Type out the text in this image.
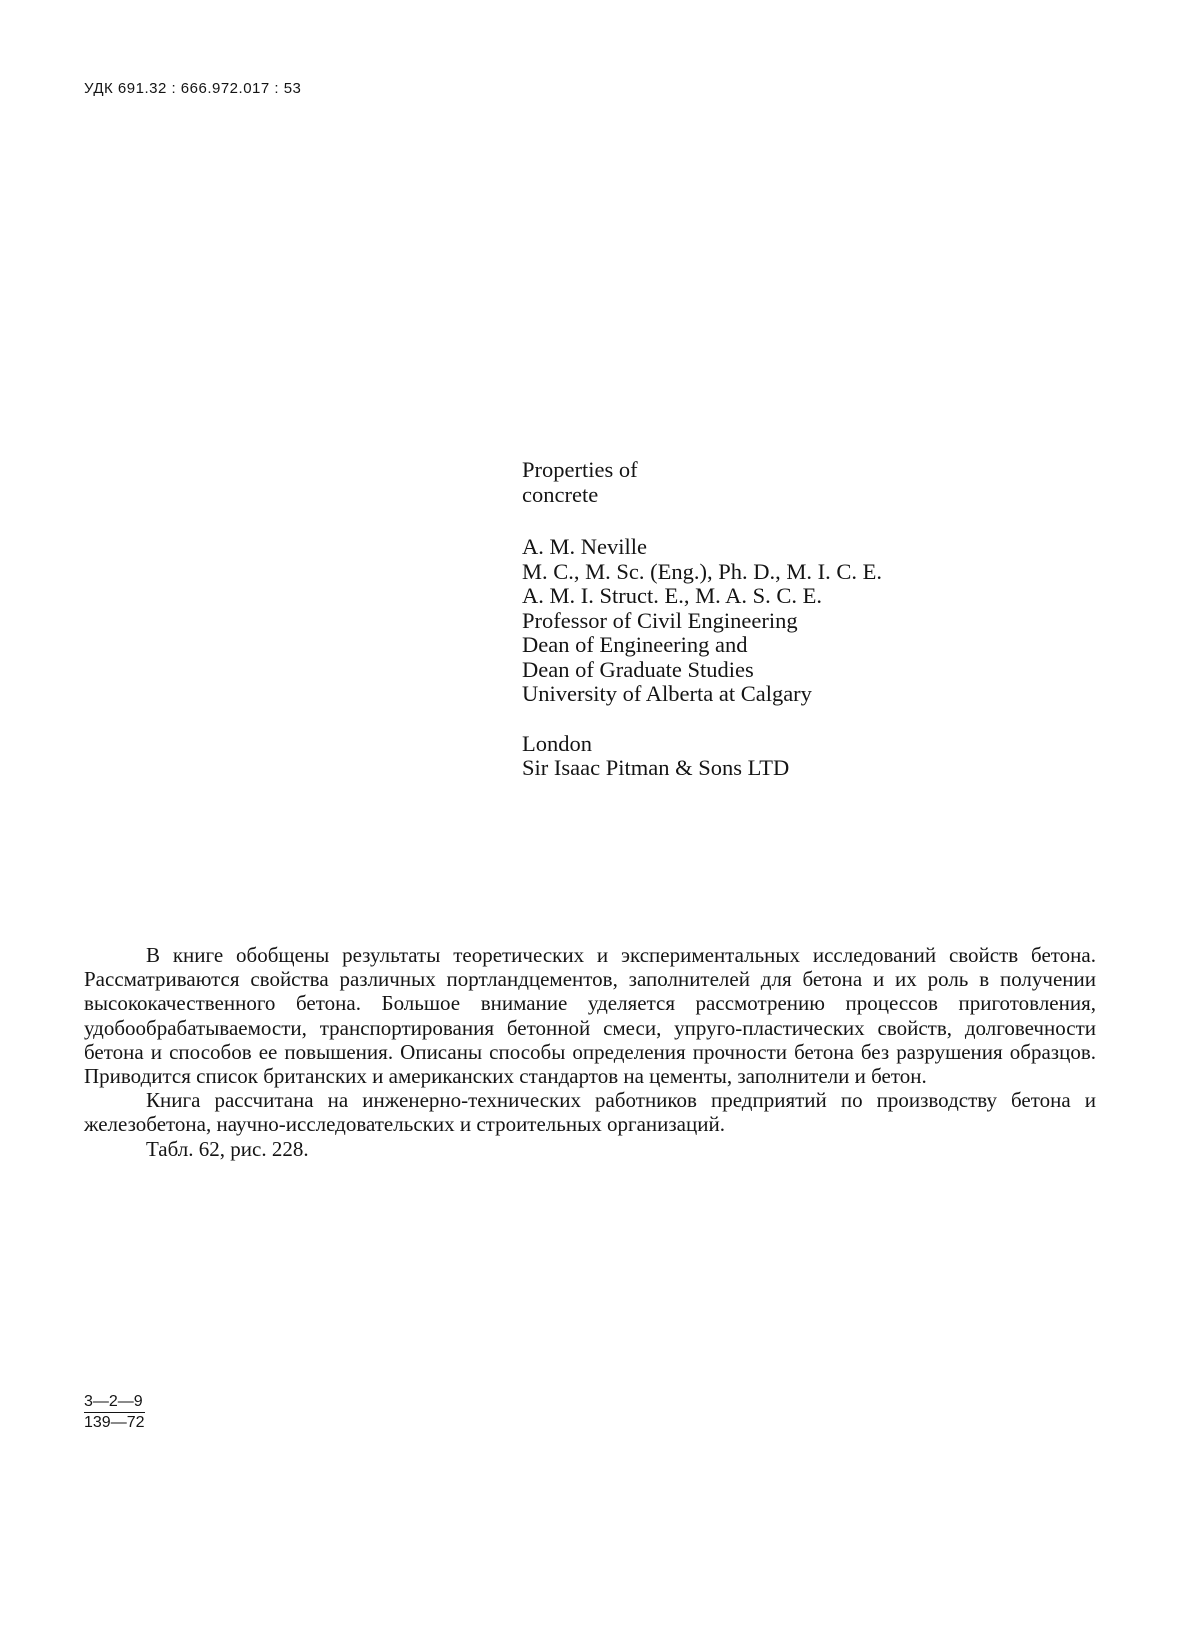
УДК 691.32 : 666.972.017 : 53
Properties of
concrete
A. M. Neville
M. C., M. Sc. (Eng.), Ph. D., M. I. C. E.
A. M. I. Struct. E., M. A. S. C. E.
Professor of Civil Engineering
Dean of Engineering and
Dean of Graduate Studies
University of Alberta at Calgary
London
Sir Isaac Pitman & Sons LTD

В книге обобщены результаты теоретических и экспериментальных исследований свойств бетона. Рассматриваются свойства различных портландцементов, заполнителей для бетона и их роль в получении высококачественного бетона. Большое внимание уделяется рассмотрению процессов приготовления, удобообрабатываемости, транспортирования бетонной смеси, упруго-пластических свойств, долговечности бетона и способов ее повышения. Описаны способы определения прочности бетона без разрушения образцов. Приводится список британских и американских стандартов на цементы, заполнители и бетон.

Книга рассчитана на инженерно-технических работников предприятий по производству бетона и железобетона, научно-исследовательских и строительных организаций.

Табл. 62, рис. 228.

$\frac{3—2—9}{139—72}$
